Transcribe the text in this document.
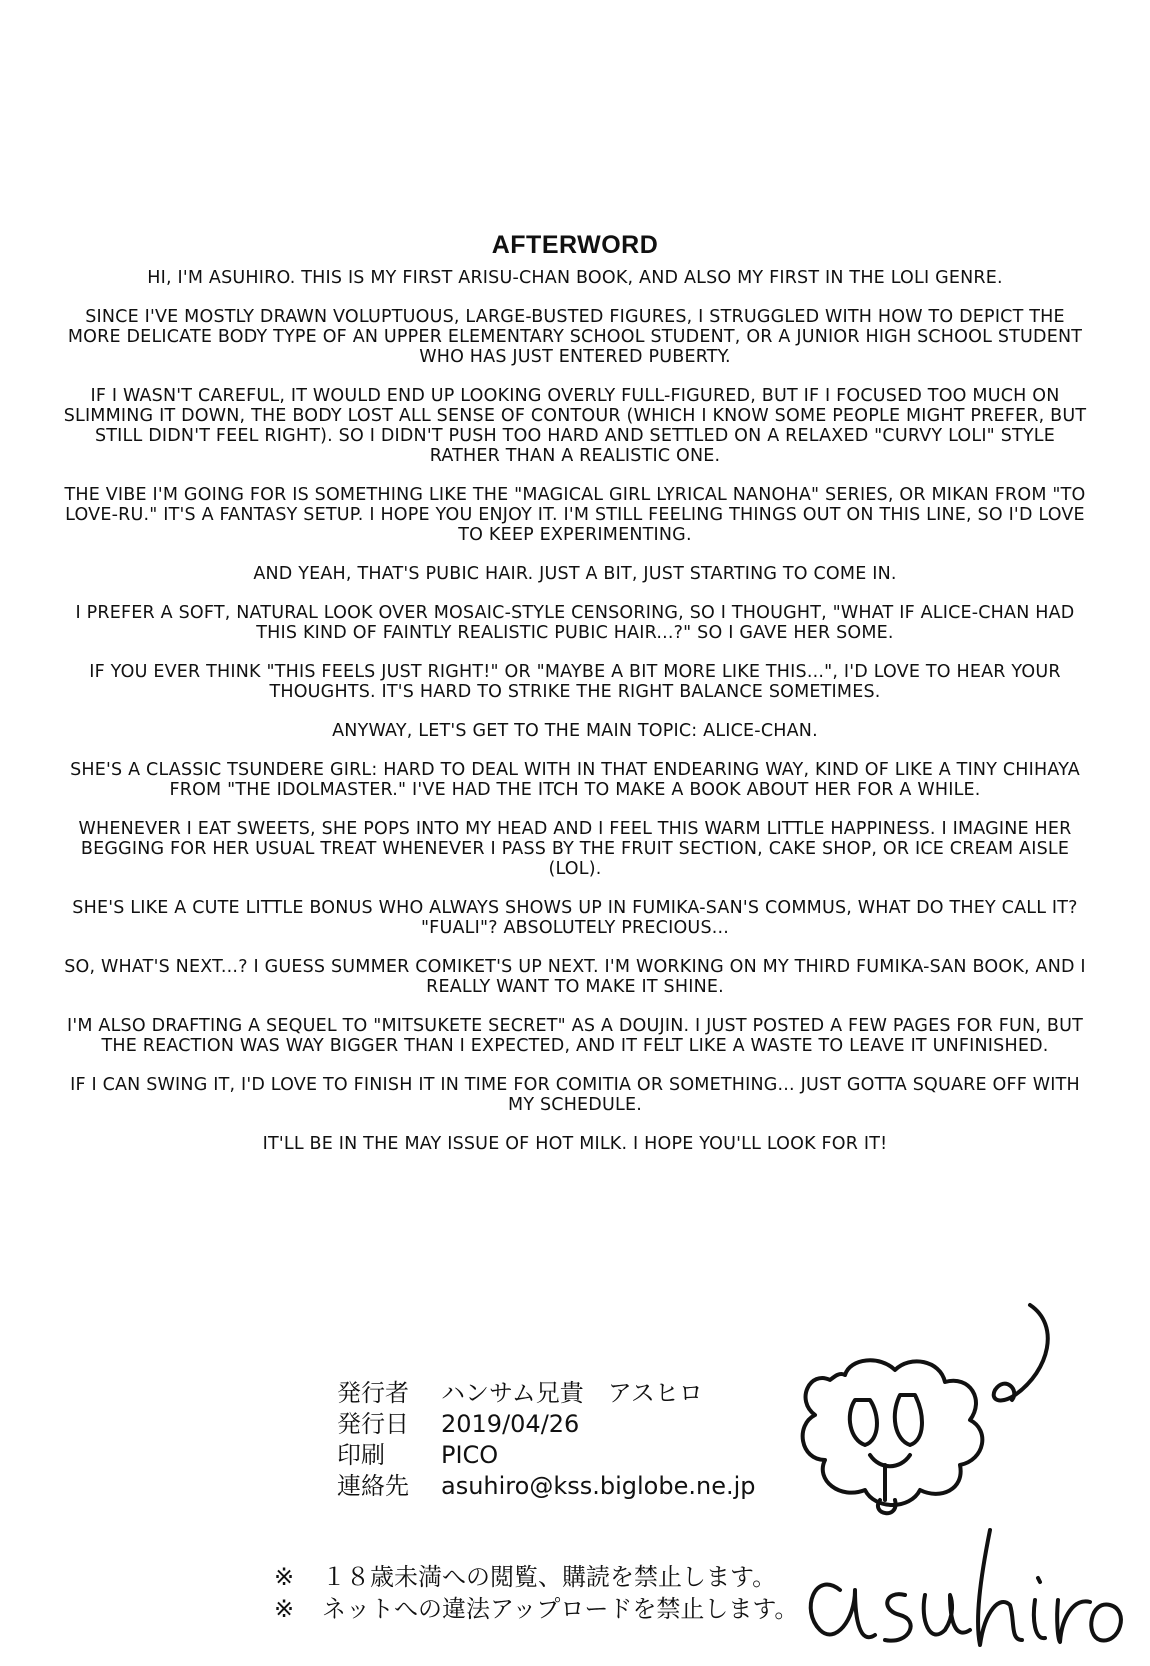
AFTERWORD

HI, I'M ASUHIRO. THIS IS MY FIRST ARISU-CHAN BOOK, AND ALSO MY FIRST IN THE LOLI GENRE.

SINCE I'VE MOSTLY DRAWN VOLUPTUOUS, LARGE-BUSTED FIGURES, I STRUGGLED WITH HOW TO DEPICT THE MORE DELICATE BODY TYPE OF AN UPPER ELEMENTARY SCHOOL STUDENT, OR A JUNIOR HIGH SCHOOL STUDENT WHO HAS JUST ENTERED PUBERTY.

IF I WASN'T CAREFUL, IT WOULD END UP LOOKING OVERLY FULL-FIGURED, BUT IF I FOCUSED TOO MUCH ON SLIMMING IT DOWN, THE BODY LOST ALL SENSE OF CONTOUR (WHICH I KNOW SOME PEOPLE MIGHT PREFER, BUT STILL DIDN'T FEEL RIGHT). SO I DIDN'T PUSH TOO HARD AND SETTLED ON A RELAXED "CURVY LOLI" STYLE RATHER THAN A REALISTIC ONE.

THE VIBE I'M GOING FOR IS SOMETHING LIKE THE "MAGICAL GIRL LYRICAL NANOHA" SERIES, OR MIKAN FROM "TO LOVE-RU." IT'S A FANTASY SETUP. I HOPE YOU ENJOY IT. I'M STILL FEELING THINGS OUT ON THIS LINE, SO I'D LOVE TO KEEP EXPERIMENTING.

AND YEAH, THAT'S PUBIC HAIR. JUST A BIT, JUST STARTING TO COME IN.

I PREFER A SOFT, NATURAL LOOK OVER MOSAIC-STYLE CENSORING, SO I THOUGHT, "WHAT IF ALICE-CHAN HAD THIS KIND OF FAINTLY REALISTIC PUBIC HAIR...?" SO I GAVE HER SOME.

IF YOU EVER THINK "THIS FEELS JUST RIGHT!" OR "MAYBE A BIT MORE LIKE THIS...", I'D LOVE TO HEAR YOUR THOUGHTS. IT'S HARD TO STRIKE THE RIGHT BALANCE SOMETIMES.

ANYWAY, LET'S GET TO THE MAIN TOPIC: ALICE-CHAN.

SHE'S A CLASSIC TSUNDERE GIRL: HARD TO DEAL WITH IN THAT ENDEARING WAY, KIND OF LIKE A TINY CHIHAYA FROM "THE IDOLMASTER." I'VE HAD THE ITCH TO MAKE A BOOK ABOUT HER FOR A WHILE.

WHENEVER I EAT SWEETS, SHE POPS INTO MY HEAD AND I FEEL THIS WARM LITTLE HAPPINESS. I IMAGINE HER BEGGING FOR HER USUAL TREAT WHENEVER I PASS BY THE FRUIT SECTION, CAKE SHOP, OR ICE CREAM AISLE (LOL).

SHE'S LIKE A CUTE LITTLE BONUS WHO ALWAYS SHOWS UP IN FUMIKA-SAN'S COMMUS, WHAT DO THEY CALL IT? "FUALI"? ABSOLUTELY PRECIOUS...

SO, WHAT'S NEXT...? I GUESS SUMMER COMIKET'S UP NEXT. I'M WORKING ON MY THIRD FUMIKA-SAN BOOK, AND I REALLY WANT TO MAKE IT SHINE.

I'M ALSO DRAFTING A SEQUEL TO "MITSUKETE SECRET" AS A DOUJIN. I JUST POSTED A FEW PAGES FOR FUN, BUT THE REACTION WAS WAY BIGGER THAN I EXPECTED, AND IT FELT LIKE A WASTE TO LEAVE IT UNFINISHED.

IF I CAN SWING IT, I'D LOVE TO FINISH IT IN TIME FOR COMITIA OR SOMETHING... JUST GOTTA SQUARE OFF WITH MY SCHEDULE.

IT'LL BE IN THE MAY ISSUE OF HOT MILK. I HOPE YOU'LL LOOK FOR IT!

発行者	ハンサム兄貴　アスヒロ
発行日	2019/04/26
印刷	PICO
連絡先	asuhiro@kss.biglobe.ne.jp
※	１８歳未満への閲覧、購読を禁止します。
※	ネットへの違法アップロードを禁止します。
